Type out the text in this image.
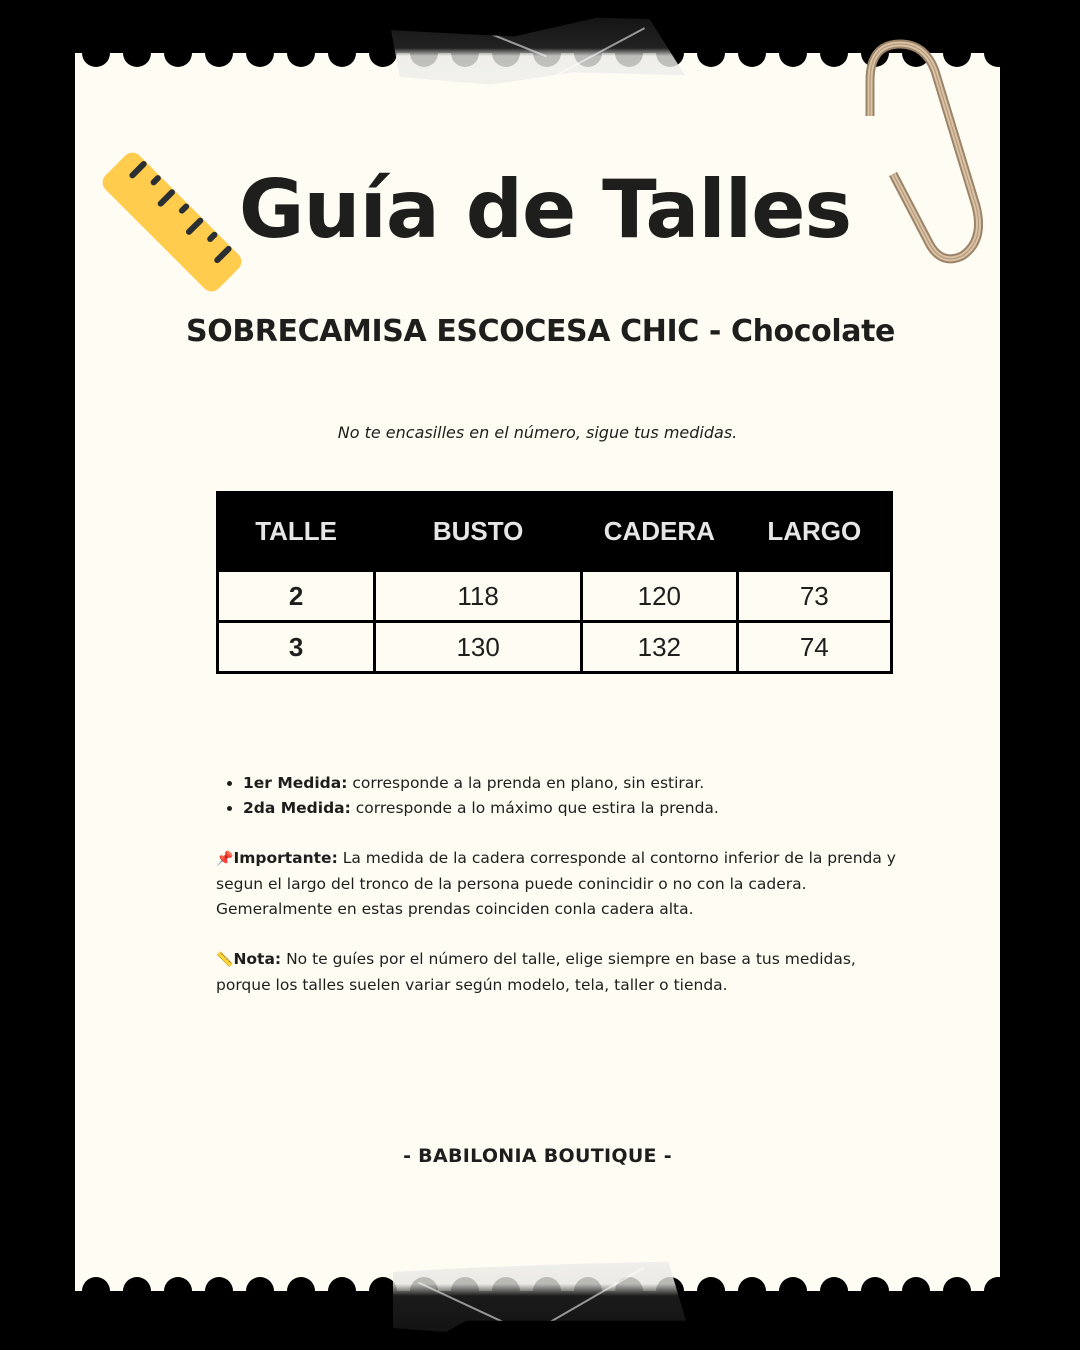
Guía de Talles
SOBRECAMISA ESCOCESA CHIC - Chocolate
No te encasilles en el número, sigue tus medidas.
TALLE	BUSTO	CADERA	LARGO
2	118	120	73
3	130	132	74
• 1er Medida: corresponde a la prenda en plano, sin estirar.
• 2da Medida: corresponde a lo máximo que estira la prenda.

📌Importante: La medida de la cadera corresponde al contorno inferior de la prenda y segun el largo del tronco de la persona puede conincidir o no con la cadera. Gemeralmente en estas prendas coinciden conla cadera alta.

📏Nota: No te guíes por el número del talle, elige siempre en base a tus medidas, porque los talles suelen variar según modelo, tela, taller o tienda.

- BABILONIA BOUTIQUE -
